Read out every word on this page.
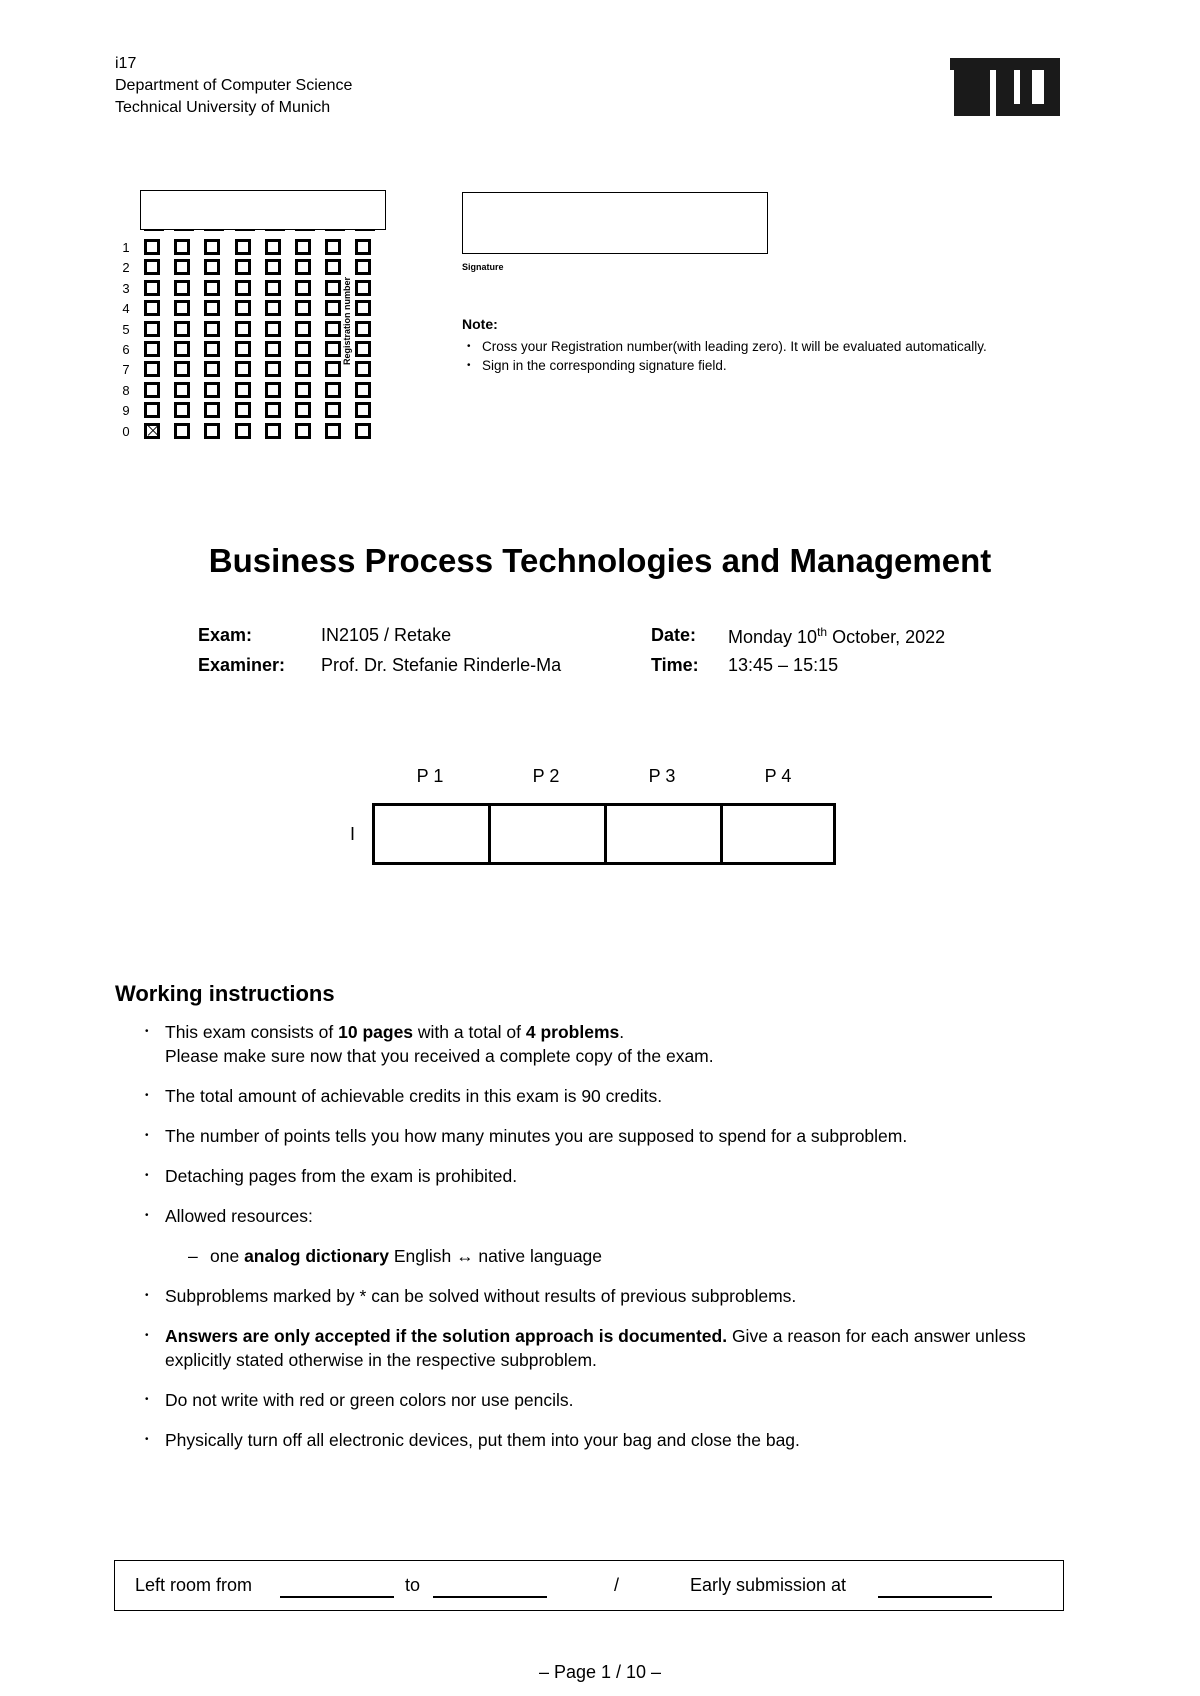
i17
Department of Computer Science
Technical University of Munich
1
2
3
4
5
6
7
8
9
0
Registration number
Signature
Note:
• Cross your Registration number(with leading zero). It will be evaluated automatically.
• Sign in the corresponding signature field.
Business Process Technologies and Management
Exam:	IN2105 / Retake
Examiner: Prof. Dr. Stefanie Rinderle-Ma
Date: Monday 10th October, 2022
Time: 13:45 – 15:15
P 1	P 2	P 3	P 4
I
Working instructions
• This exam consists of 10 pages with a total of 4 problems.
Please make sure now that you received a complete copy of the exam.
• The total amount of achievable credits in this exam is 90 credits.
• The number of points tells you how many minutes you are supposed to spend for a subproblem.
• Detaching pages from the exam is prohibited.
• Allowed resources:
– one analog dictionary English ↔ native language
• Subproblems marked by * can be solved without results of previous subproblems.
• Answers are only accepted if the solution approach is documented. Give a reason for each answer unless explicitly stated otherwise in the respective subproblem.
• Do not write with red or green colors nor use pencils.
• Physically turn off all electronic devices, put them into your bag and close the bag.
Left room from	to	/	Early submission at
– Page 1 / 10 –
